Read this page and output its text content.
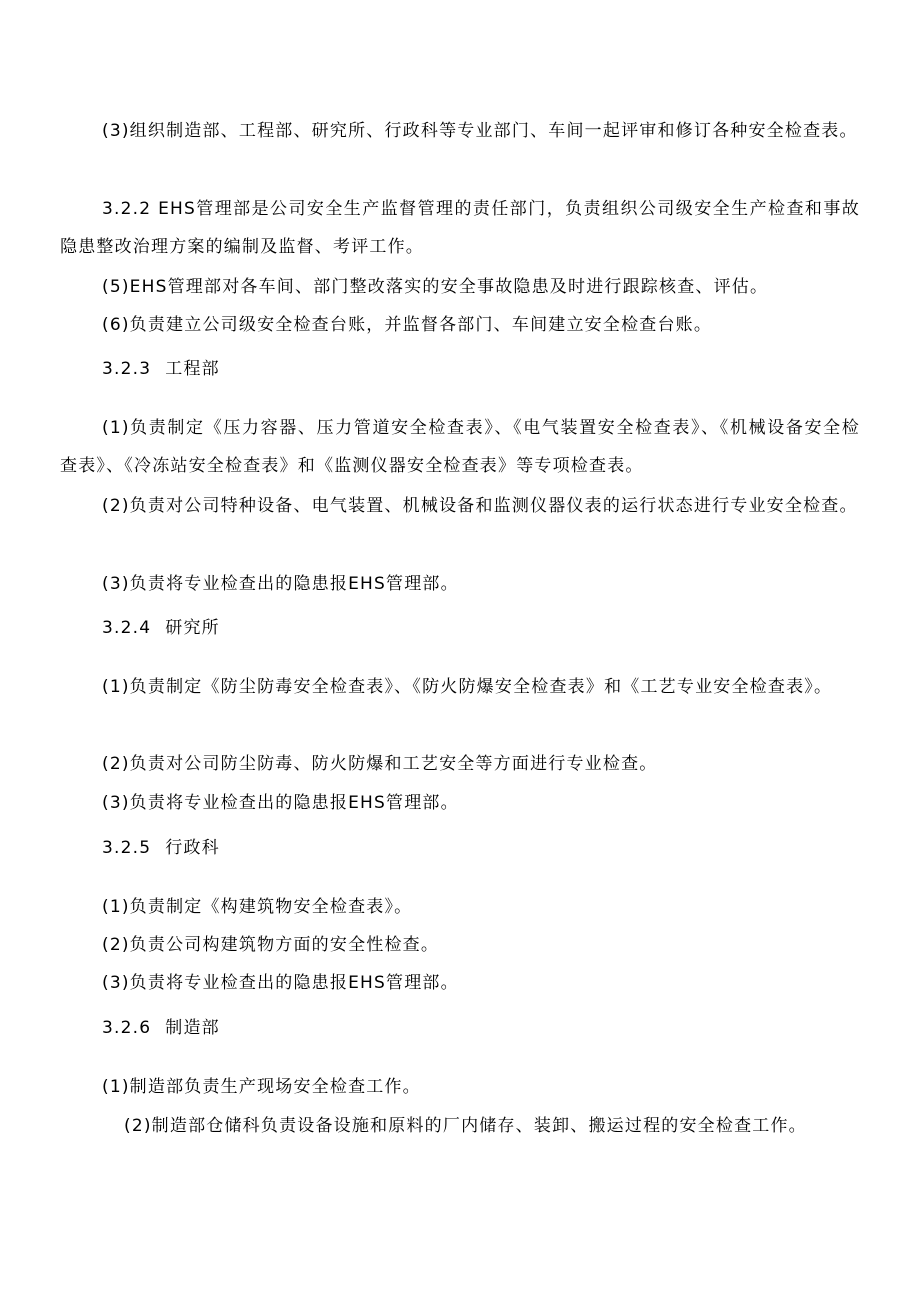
(3)组织制造部、工程部、研究所、行政科等专业部门、车间一起评审和修订各种安全检查表。
3.2.2 EHS管理部是公司安全生产监督管理的责任部门，负责组织公司级安全生产检查和事故隐患整改治理方案的编制及监督、考评工作。
(5)EHS管理部对各车间、部门整改落实的安全事故隐患及时进行跟踪核查、评估。
(6)负责建立公司级安全检查台账，并监督各部门、车间建立安全检查台账。
3.2.3 工程部
(1)负责制定《压力容器、压力管道安全检查表》、《电气装置安全检查表》、《机械设备安全检查表》、《冷冻站安全检查表》和《监测仪器安全检查表》等专项检查表。
(2)负责对公司特种设备、电气装置、机械设备和监测仪器仪表的运行状态进行专业安全检查。
(3)负责将专业检查出的隐患报EHS管理部。
3.2.4 研究所
(1)负责制定《防尘防毒安全检查表》、《防火防爆安全检查表》和《工艺专业安全检查表》。
(2)负责对公司防尘防毒、防火防爆和工艺安全等方面进行专业检查。
(3)负责将专业检查出的隐患报EHS管理部。
3.2.5 行政科
(1)负责制定《构建筑物安全检查表》。
(2)负责公司构建筑物方面的安全性检查。
(3)负责将专业检查出的隐患报EHS管理部。
3.2.6 制造部
(1)制造部负责生产现场安全检查工作。
(2)制造部仓储科负责设备设施和原料的厂内储存、装卸、搬运过程的安全检查工作。
